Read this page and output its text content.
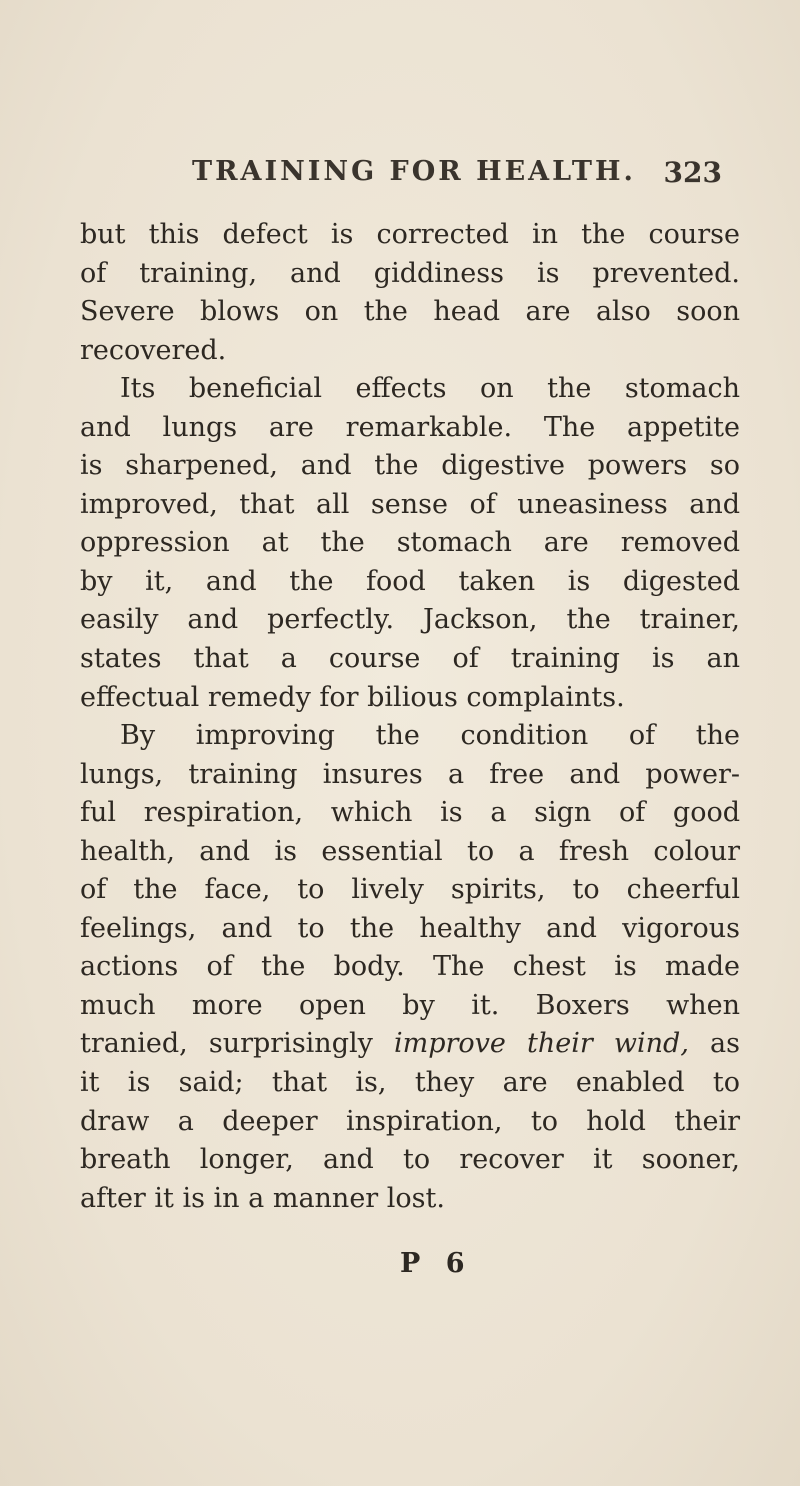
TRAINING FOR HEALTH. 323
but this defect is corrected in the course
of training, and giddiness is prevented.
Severe blows on the head are also soon
recovered.
Its beneficial effects on the stomach
and lungs are remarkable. The appetite
is sharpened, and the digestive powers so
improved, that all sense of uneasiness and
oppression at the stomach are removed
by it, and the food taken is digested
easily and perfectly. Jackson, the trainer,
states that a course of training is an
effectual remedy for bilious complaints.
By improving the condition of the
lungs, training insures a free and power-
ful respiration, which is a sign of good
health, and is essential to a fresh colour
of the face, to lively spirits, to cheerful
feelings, and to the healthy and vigorous
actions of the body. The chest is made
much more open by it. Boxers when
tranied, surprisingly improve their wind, as
it is said; that is, they are enabled to
draw a deeper inspiration, to hold their
breath longer, and to recover it sooner,
after it is in a manner lost.
P 6
